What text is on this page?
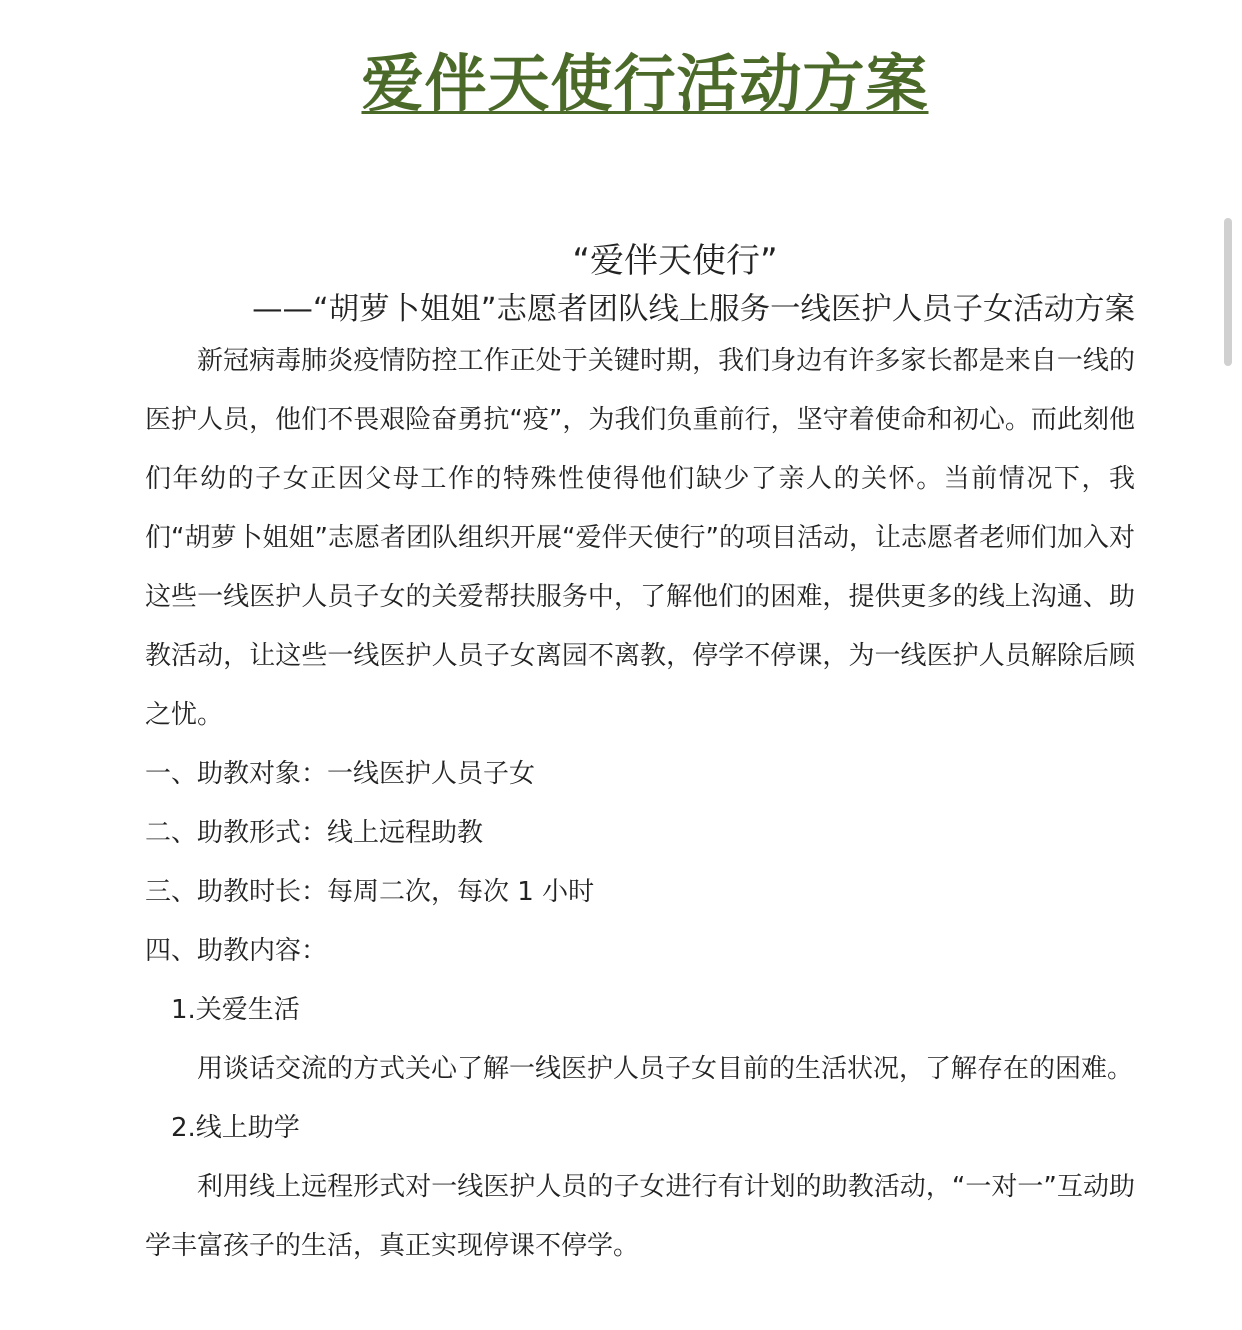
爱伴天使行活动方案
“爱伴天使行”
——“胡萝卜姐姐”志愿者团队线上服务一线医护人员子女活动方案

新冠病毒肺炎疫情防控工作正处于关键时期，我们身边有许多家长都是来自一线的医护人员，他们不畏艰险奋勇抗“疫”，为我们负重前行，坚守着使命和初心。而此刻他们年幼的子女正因父母工作的特殊性使得他们缺少了亲人的关怀。当前情况下，我们“胡萝卜姐姐”志愿者团队组织开展“爱伴天使行”的项目活动，让志愿者老师们加入对这些一线医护人员子女的关爱帮扶服务中，了解他们的困难，提供更多的线上沟通、助教活动，让这些一线医护人员子女离园不离教，停学不停课，为一线医护人员解除后顾之忧。

一、助教对象：一线医护人员子女

二、助教形式：线上远程助教

三、助教时长：每周二次，每次 1 小时

四、助教内容：

1.关爱生活

用谈话交流的方式关心了解一线医护人员子女目前的生活状况，了解存在的困难。

2.线上助学

利用线上远程形式对一线医护人员的子女进行有计划的助教活动，“一对一”互动助学丰富孩子的生活，真正实现停课不停学。
